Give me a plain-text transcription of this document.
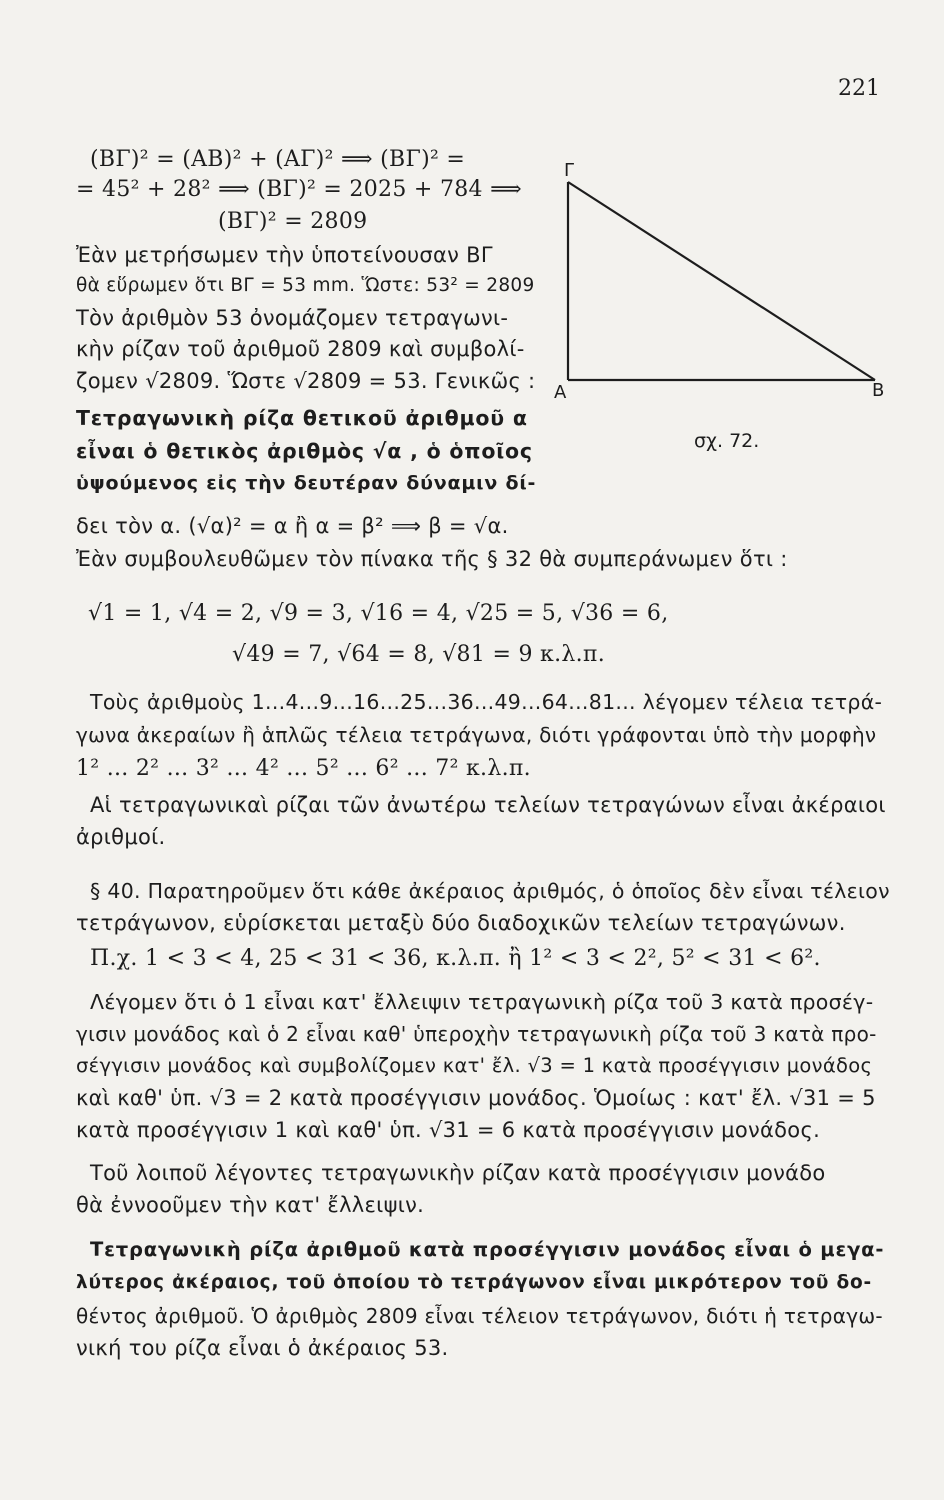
221
Γ
Α	Β
σχ. 72.
(ΒΓ)² = (ΑΒ)² + (ΑΓ)² ⟹ (ΒΓ)² =
= 45² + 28² ⟹ (ΒΓ)² = 2025 + 784 ⟹
(ΒΓ)² = 2809
Ἐὰν μετρήσωμεν τὴν ὑποτείνουσαν ΒΓ
θὰ εὕρωμεν ὅτι ΒΓ = 53 mm. Ὥστε: 53² = 2809
Τὸν ἀριθμὸν 53 ὀνομάζομεν τετραγωνι-
κὴν ρίζαν τοῦ ἀριθμοῦ 2809 καὶ συμβολί-
ζομεν √2809. Ὥστε √2809 = 53. Γενικῶς :
Τετραγωνικὴ ρίζα θετικοῦ ἀριθμοῦ α
εἶναι ὁ θετικὸς ἀριθμὸς √α , ὁ ὁποῖος
ὑψούμενος εἰς τὴν δευτέραν δύναμιν δί-
δει τὸν α. (√α)² = α ἢ α = β² ⟹ β = √α.
Ἐὰν συμβουλευθῶμεν τὸν πίνακα τῆς § 32 θὰ συμπεράνωμεν ὅτι :
√1 = 1, √4 = 2, √9 = 3, √16 = 4, √25 = 5, √36 = 6,
√49 = 7, √64 = 8, √81 = 9 κ.λ.π.
Τοὺς ἀριθμοὺς 1...4...9...16...25...36...49...64...81... λέγομεν τέλεια τετρά-
γωνα ἀκεραίων ἢ ἁπλῶς τέλεια τετράγωνα, διότι γράφονται ὑπὸ τὴν μορφὴν
1² ... 2² ... 3² ... 4² ... 5² ... 6² ... 7² κ.λ.π.
Αἱ τετραγωνικαὶ ρίζαι τῶν ἀνωτέρω τελείων τετραγώνων εἶναι ἀκέραιοι
ἀριθμοί.
§ 40. Παρατηροῦμεν ὅτι κάθε ἀκέραιος ἀριθμός, ὁ ὁποῖος δὲν εἶναι τέλειον
τετράγωνον, εὑρίσκεται μεταξὺ δύο διαδοχικῶν τελείων τετραγώνων.
Π.χ. 1 < 3 < 4, 25 < 31 < 36, κ.λ.π. ἢ 1² < 3 < 2², 5² < 31 < 6².
Λέγομεν ὅτι ὁ 1 εἶναι κατ' ἔλλειψιν τετραγωνικὴ ρίζα τοῦ 3 κατὰ προσέγ-
γισιν μονάδος καὶ ὁ 2 εἶναι καθ' ὑπεροχὴν τετραγωνικὴ ρίζα τοῦ 3 κατὰ προ-
σέγγισιν μονάδος καὶ συμβολίζομεν κατ' ἔλ. √3 = 1 κατὰ προσέγγισιν μονάδος
καὶ καθ' ὑπ. √3 = 2 κατὰ προσέγγισιν μονάδος. Ὁμοίως : κατ' ἔλ. √31 = 5
κατὰ προσέγγισιν 1 καὶ καθ' ὑπ. √31 = 6 κατὰ προσέγγισιν μονάδος.
Τοῦ λοιποῦ λέγοντες τετραγωνικὴν ρίζαν κατὰ προσέγγισιν μονάδο
θὰ ἐννοοῦμεν τὴν κατ' ἔλλειψιν.
Τετραγωνικὴ ρίζα ἀριθμοῦ κατὰ προσέγγισιν μονάδος εἶναι ὁ μεγα-
λύτερος ἀκέραιος, τοῦ ὁποίου τὸ τετράγωνον εἶναι μικρότερον τοῦ δο-
θέντος ἀριθμοῦ. Ὁ ἀριθμὸς 2809 εἶναι τέλειον τετράγωνον, διότι ἡ τετραγω-
νική του ρίζα εἶναι ὁ ἀκέραιος 53.
